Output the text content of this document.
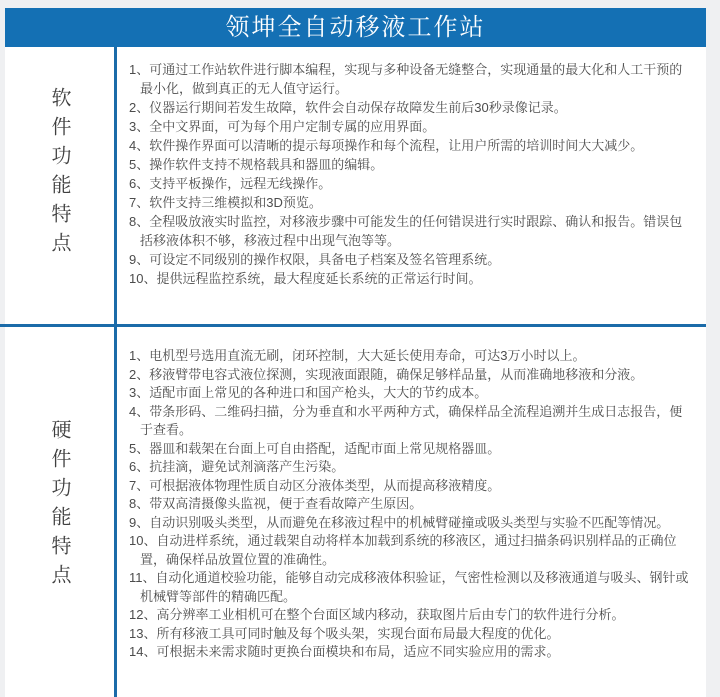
领坤全自动移液工作站
软件功能特点
1、可通过工作站软件进行脚本编程，实现与多种设备无缝整合，实现通量的最大化和人工干预的最小化，做到真正的无人值守运行。
2、仪器运行期间若发生故障，软件会自动保存故障发生前后30秒录像记录。
3、全中文界面，可为每个用户定制专属的应用界面。
4、软件操作界面可以清晰的提示每项操作和每个流程，让用户所需的培训时间大大减少。
5、操作软件支持不规格载具和器皿的编辑。
6、支持平板操作，远程无线操作。
7、软件支持三维模拟和3D预览。
8、全程吸放液实时监控，对移液步骤中可能发生的任何错误进行实时跟踪、确认和报告。错误包括移液体积不够，移液过程中出现气泡等等。
9、可设定不同级别的操作权限，具备电子档案及签名管理系统。
10、提供远程监控系统，最大程度延长系统的正常运行时间。
硬件功能特点
1、电机型号选用直流无刷，闭环控制，大大延长使用寿命，可达3万小时以上。
2、移液臂带电容式液位探测，实现液面跟随，确保足够样品量，从而准确地移液和分液。
3、适配市面上常见的各种进口和国产枪头，大大的节约成本。
4、带条形码、二维码扫描，分为垂直和水平两种方式，确保样品全流程追溯并生成日志报告，便于查看。
5、器皿和载架在台面上可自由搭配，适配市面上常见规格器皿。
6、抗挂滴，避免试剂滴落产生污染。
7、可根据液体物理性质自动区分液体类型，从而提高移液精度。
8、带双高清摄像头监视，便于查看故障产生原因。
9、自动识别吸头类型，从而避免在移液过程中的机械臂碰撞或吸头类型与实验不匹配等情况。
10、自动进样系统，通过载架自动将样本加载到系统的移液区，通过扫描条码识别样品的正确位置，确保样品放置位置的准确性。
11、自动化通道校验功能，能够自动完成移液体积验证，气密性检测以及移液通道与吸头、钢针或机械臂等部件的精确匹配。
12、高分辨率工业相机可在整个台面区域内移动，获取图片后由专门的软件进行分析。
13、所有移液工具可同时触及每个吸头架，实现台面布局最大程度的优化。
14、可根据未来需求随时更换台面模块和布局，适应不同实验应用的需求。
